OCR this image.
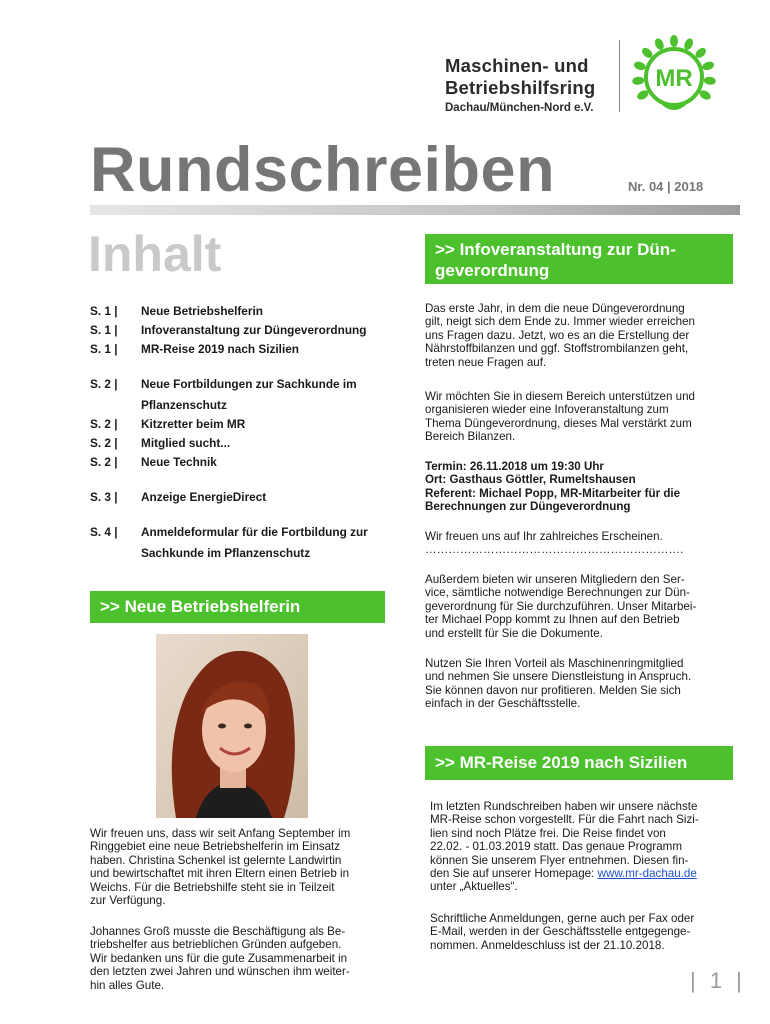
Maschinen- und
Betriebshilfsring
Dachau/München-Nord e.V.
MR
Rundschreiben	Nr. 04 | 2018
Inhalt
S. 1 |	Neue Betriebshelferin
S. 1 |	Infoveranstaltung zur Düngeverordnung
S. 1 |	MR-Reise 2019 nach Sizilien
S. 2 |	Neue Fortbildungen zur Sachkunde im
Pflanzenschutz
S. 2 |	Kitzretter beim MR
S. 2 |	Mitglied sucht...
S. 2 |	Neue Technik
S. 3 |	Anzeige EnergieDirect
S. 4 |	Anmeldeformular für die Fortbildung zur
Sachkunde im Pflanzenschutz
>> Infoveranstaltung zur Dün-
geverordnung
Das erste Jahr, in dem die neue Düngeverordnung
gilt, neigt sich dem Ende zu. Immer wieder erreichen
uns Fragen dazu. Jetzt, wo es an die Erstellung der
Nährstoffbilanzen und ggf. Stoffstrombilanzen geht,
treten neue Fragen auf.
Wir möchten Sie in diesem Bereich unterstützen und
organisieren wieder eine Infoveranstaltung zum
Thema Düngeverordnung, dieses Mal verstärkt zum
Bereich Bilanzen.
Termin: 26.11.2018 um 19:30 Uhr
Ort: Gasthaus Göttler, Rumeltshausen
Referent: Michael Popp, MR-Mitarbeiter für die
Berechnungen zur Düngeverordnung
Wir freuen uns auf Ihr zahlreiches Erscheinen.
………………………………………………………….
Außerdem bieten wir unseren Mitgliedern den Ser-
vice, sämtliche notwendige Berechnungen zur Dün-
geverordnung für Sie durchzuführen. Unser Mitarbei-
ter Michael Popp kommt zu Ihnen auf den Betrieb
und erstellt für Sie die Dokumente.
Nutzen Sie Ihren Vorteil als Maschinenringmitglied
und nehmen Sie unsere Dienstleistung in Anspruch.
Sie können davon nur profitieren. Melden Sie sich
einfach in der Geschäftsstelle.
>> Neue Betriebshelferin
Wir freuen uns, dass wir seit Anfang September im
Ringgebiet eine neue Betriebshelferin im Einsatz
haben. Christina Schenkel ist gelernte Landwirtin
und bewirtschaftet mit ihren Eltern einen Betrieb in
Weichs. Für die Betriebshilfe steht sie in Teilzeit
zur Verfügung.
Johannes Groß musste die Beschäftigung als Be-
triebshelfer aus betrieblichen Gründen aufgeben.
Wir bedanken uns für die gute Zusammenarbeit in
den letzten zwei Jahren und wünschen ihm weiter-
hin alles Gute.
>> MR-Reise 2019 nach Sizilien
Im letzten Rundschreiben haben wir unsere nächste
MR-Reise schon vorgestellt. Für die Fahrt nach Sizi-
lien sind noch Plätze frei. Die Reise findet von
22.02. - 01.03.2019 statt. Das genaue Programm
können Sie unserem Flyer entnehmen. Diesen fin-
den Sie auf unserer Homepage: www.mr-dachau.de
unter „Aktuelles“.
Schriftliche Anmeldungen, gerne auch per Fax oder
E-Mail, werden in der Geschäftsstelle entgegenge-
nommen. Anmeldeschluss ist der 21.10.2018.
| 1 |
